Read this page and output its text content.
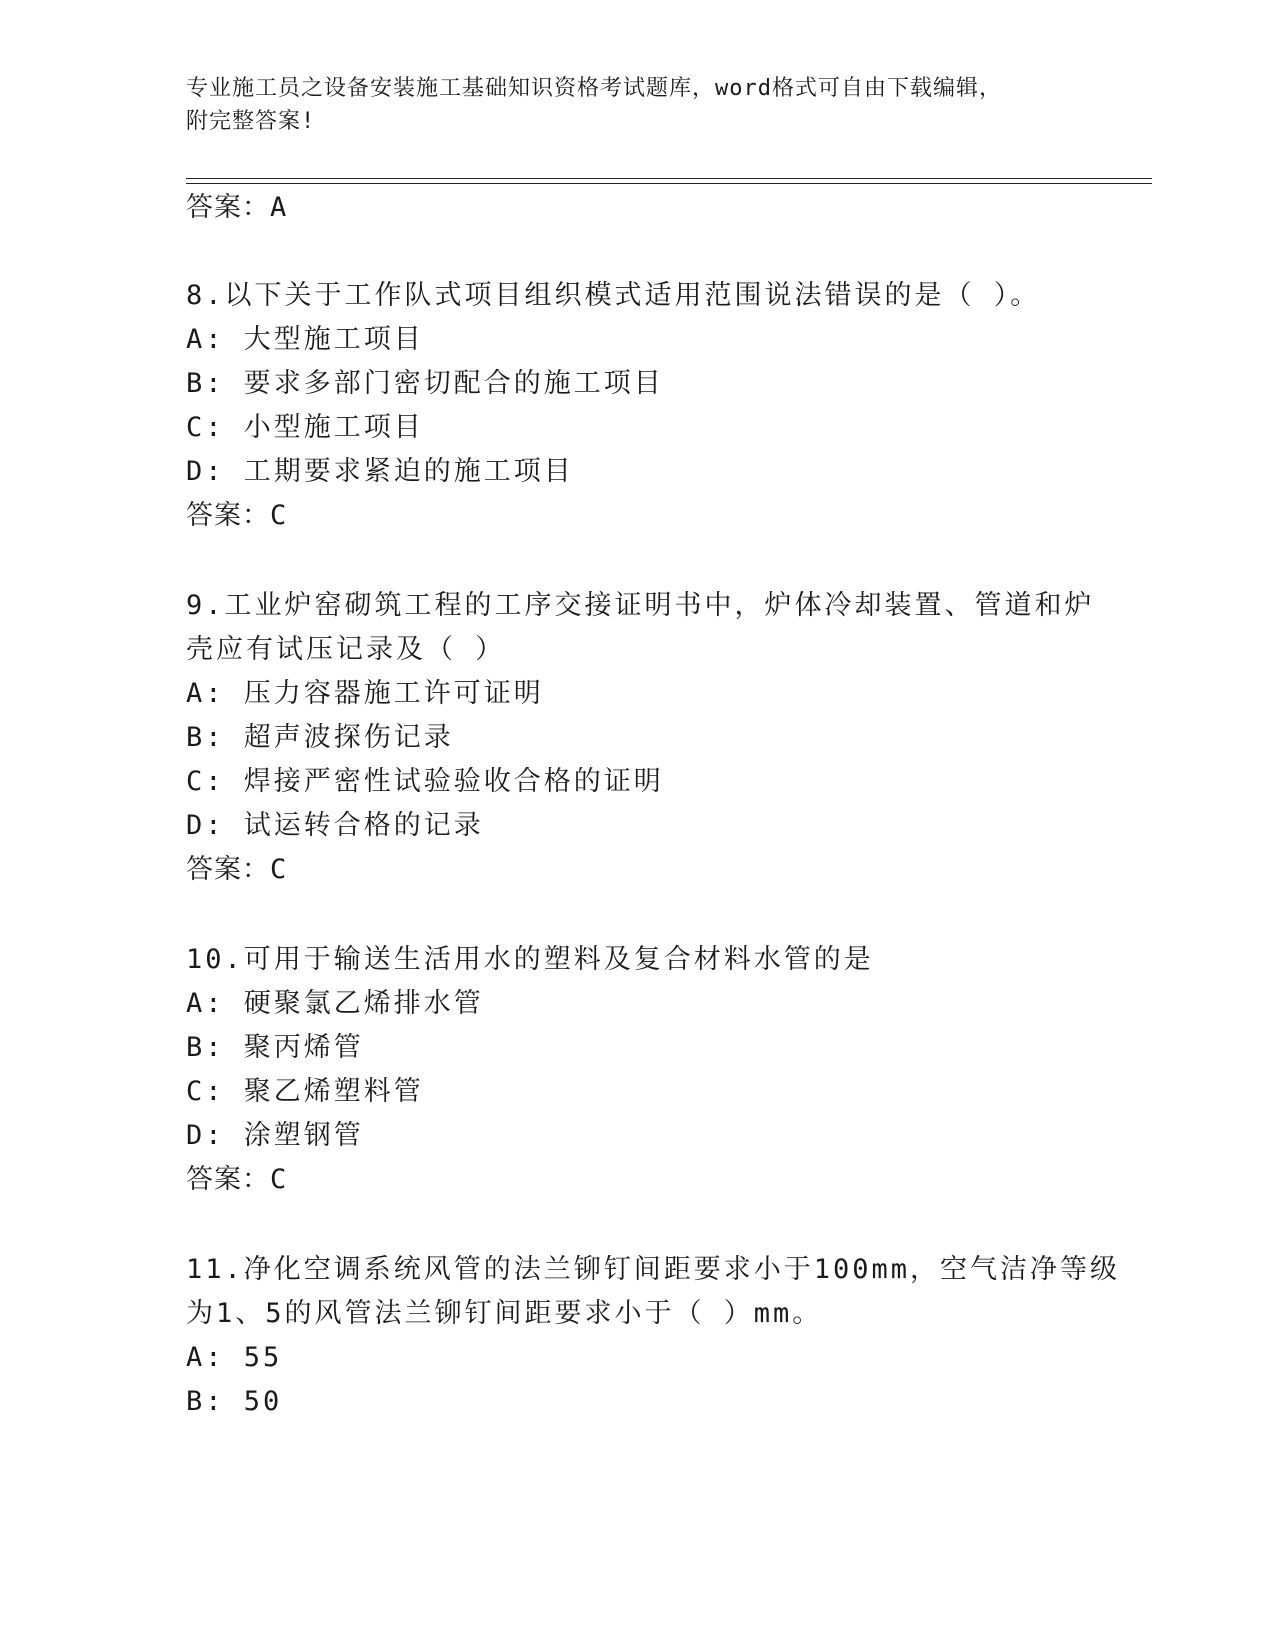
专业施工员之设备安装施工基础知识资格考试题库，word格式可自由下载编辑，
附完整答案!
答案：A
8.以下关于工作队式项目组织模式适用范围说法错误的是（ ）。
A: 大型施工项目
B: 要求多部门密切配合的施工项目
C: 小型施工项目
D: 工期要求紧迫的施工项目
答案：C
9.工业炉窑砌筑工程的工序交接证明书中，炉体冷却装置、管道和炉
壳应有试压记录及（ ）
A: 压力容器施工许可证明
B: 超声波探伤记录
C: 焊接严密性试验验收合格的证明
D: 试运转合格的记录
答案：C
10.可用于输送生活用水的塑料及复合材料水管的是
A: 硬聚氯乙烯排水管
B: 聚丙烯管
C: 聚乙烯塑料管
D: 涂塑钢管
答案：C
11.净化空调系统风管的法兰铆钉间距要求小于100mm，空气洁净等级
为1、5的风管法兰铆钉间距要求小于（ ）mm。
A: 55
B: 50
